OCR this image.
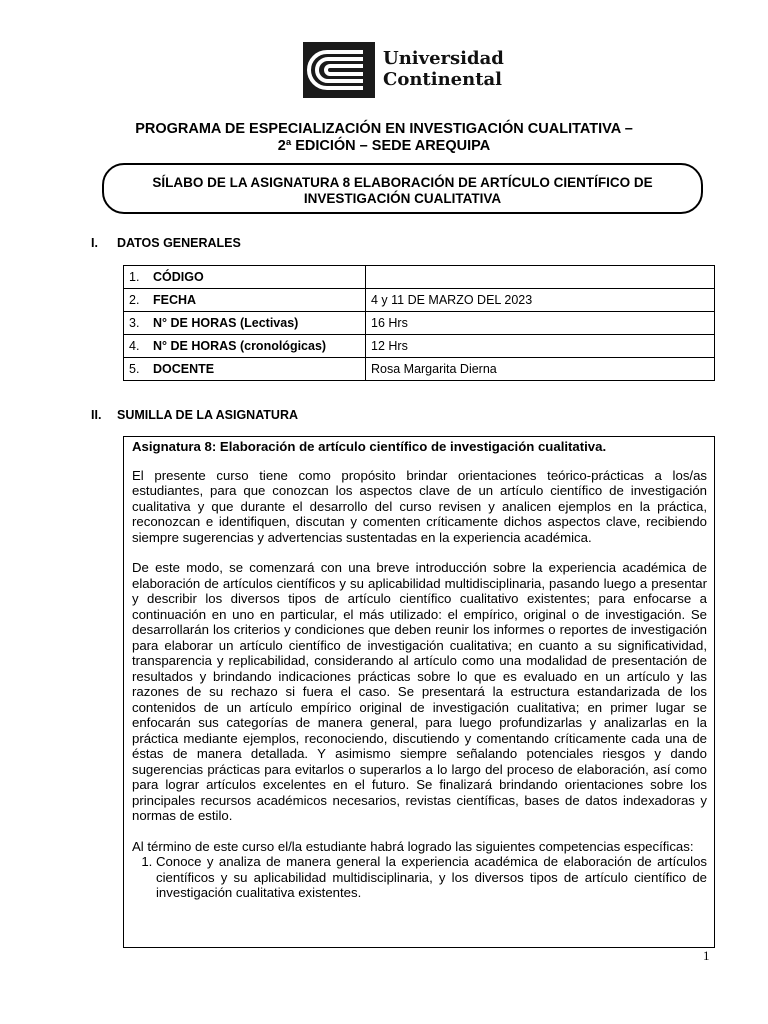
Universidad
Continental
PROGRAMA DE ESPECIALIZACIÓN EN INVESTIGACIÓN CUALITATIVA –
2ª EDICIÓN – SEDE AREQUIPA
SÍLABO DE LA ASIGNATURA 8 ELABORACIÓN DE ARTÍCULO CIENTÍFICO DE
INVESTIGACIÓN CUALITATIVA
I. DATOS GENERALES
1. CÓDIGO	
2. FECHA	4 y 11 DE MARZO DEL 2023
3. N° DE HORAS (Lectivas)	16 Hrs
4. N° DE HORAS (cronológicas)	12 Hrs
5. DOCENTE	Rosa Margarita Dierna
II. SUMILLA DE LA ASIGNATURA

Asignatura 8: Elaboración de artículo científico de investigación cualitativa.

El presente curso tiene como propósito brindar orientaciones teórico-prácticas a los/as estudiantes, para que conozcan los aspectos clave de un artículo científico de investigación cualitativa y que durante el desarrollo del curso revisen y analicen ejemplos en la práctica, reconozcan e identifiquen, discutan y comenten críticamente dichos aspectos clave, recibiendo siempre sugerencias y advertencias sustentadas en la experiencia académica.

De este modo, se comenzará con una breve introducción sobre la experiencia académica de elaboración de artículos científicos y su aplicabilidad multidisciplinaria, pasando luego a presentar y describir los diversos tipos de artículo científico cualitativo existentes; para enfocarse a continuación en uno en particular, el más utilizado: el empírico, original o de investigación. Se desarrollarán los criterios y condiciones que deben reunir los informes o reportes de investigación para elaborar un artículo científico de investigación cualitativa; en cuanto a su significatividad, transparencia y replicabilidad, considerando al artículo como una modalidad de presentación de resultados y brindando indicaciones prácticas sobre lo que es evaluado en un artículo y las razones de su rechazo si fuera el caso. Se presentará la estructura estandarizada de los contenidos de un artículo empírico original de investigación cualitativa; en primer lugar se enfocarán sus categorías de manera general, para luego profundizarlas y analizarlas en la práctica mediante ejemplos, reconociendo, discutiendo y comentando críticamente cada una de éstas de manera detallada. Y asimismo siempre señalando potenciales riesgos y dando sugerencias prácticas para evitarlos o superarlos a lo largo del proceso de elaboración, así como para lograr artículos excelentes en el futuro. Se finalizará brindando orientaciones sobre los principales recursos académicos necesarios, revistas científicas, bases de datos indexadoras y normas de estilo.

Al término de este curso el/la estudiante habrá logrado las siguientes competencias específicas:

1. Conoce y analiza de manera general la experiencia académica de elaboración de artículos científicos y su aplicabilidad multidisciplinaria, y los diversos tipos de artículo científico de investigación cualitativa existentes.
1
